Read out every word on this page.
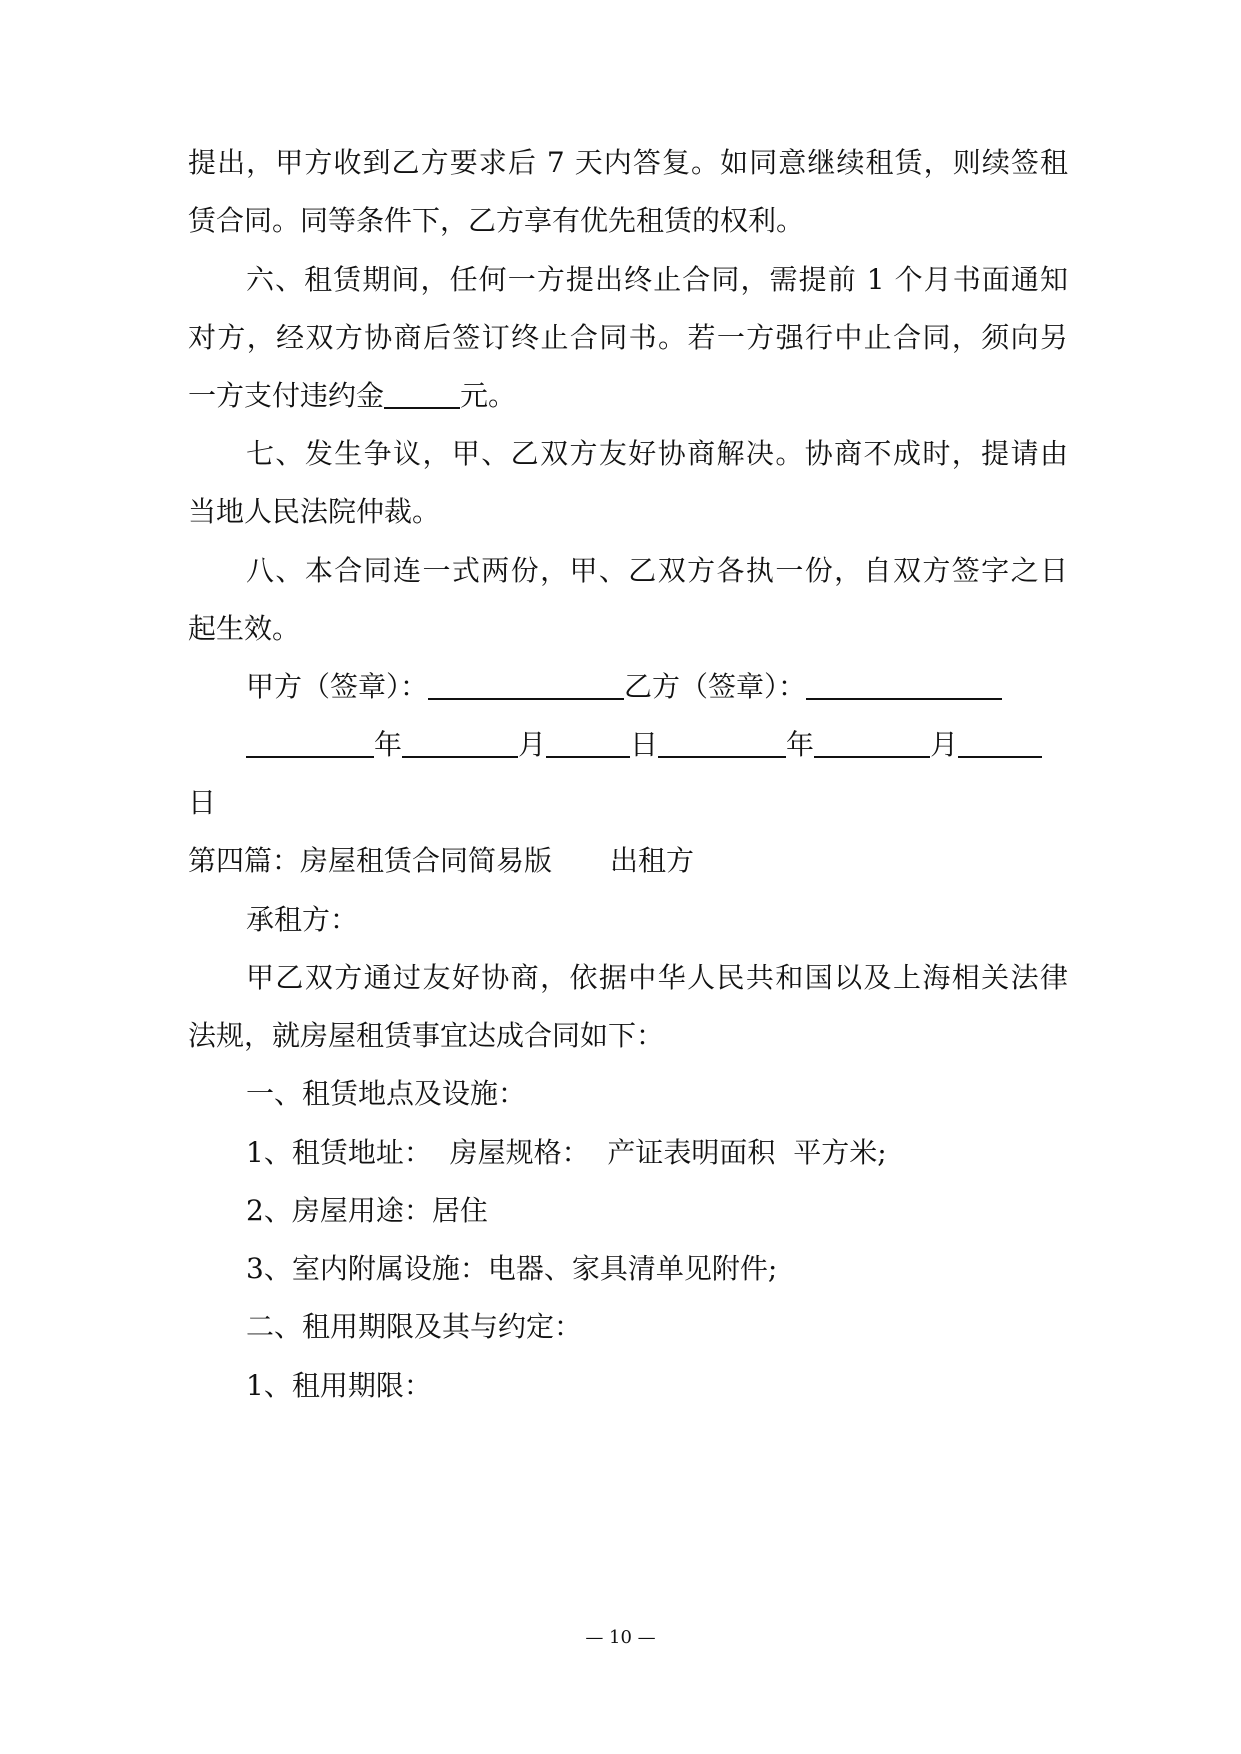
提出，甲方收到乙方要求后 7 天内答复。如同意继续租赁，则续签租
赁合同。同等条件下，乙方享有优先租赁的权利。
六、租赁期间，任何一方提出终止合同，需提前 1 个月书面通知
对方，经双方协商后签订终止合同书。若一方强行中止合同，须向另
一方支付违约金	元。
七、发生争议，甲、乙双方友好协商解决。协商不成时，提请由
当地人民法院仲裁。
八、本合同连一式两份，甲、乙双方各执一份，自双方签字之日
起生效。
甲方（签章）：	乙方（签章）：
年	月	日	年	月
日
第四篇：房屋租赁合同简易版 出租方
承租方：
甲乙双方通过友好协商，依据中华人民共和国以及上海相关法律
法规，就房屋租赁事宜达成合同如下：
一、租赁地点及设施：
1、租赁地址：  房屋规格：  产证表明面积  平方米;
2、房屋用途：居住
3、室内附属设施：电器、家具清单见附件;
二、租用期限及其与约定：
1、租用期限：
— 10 —
